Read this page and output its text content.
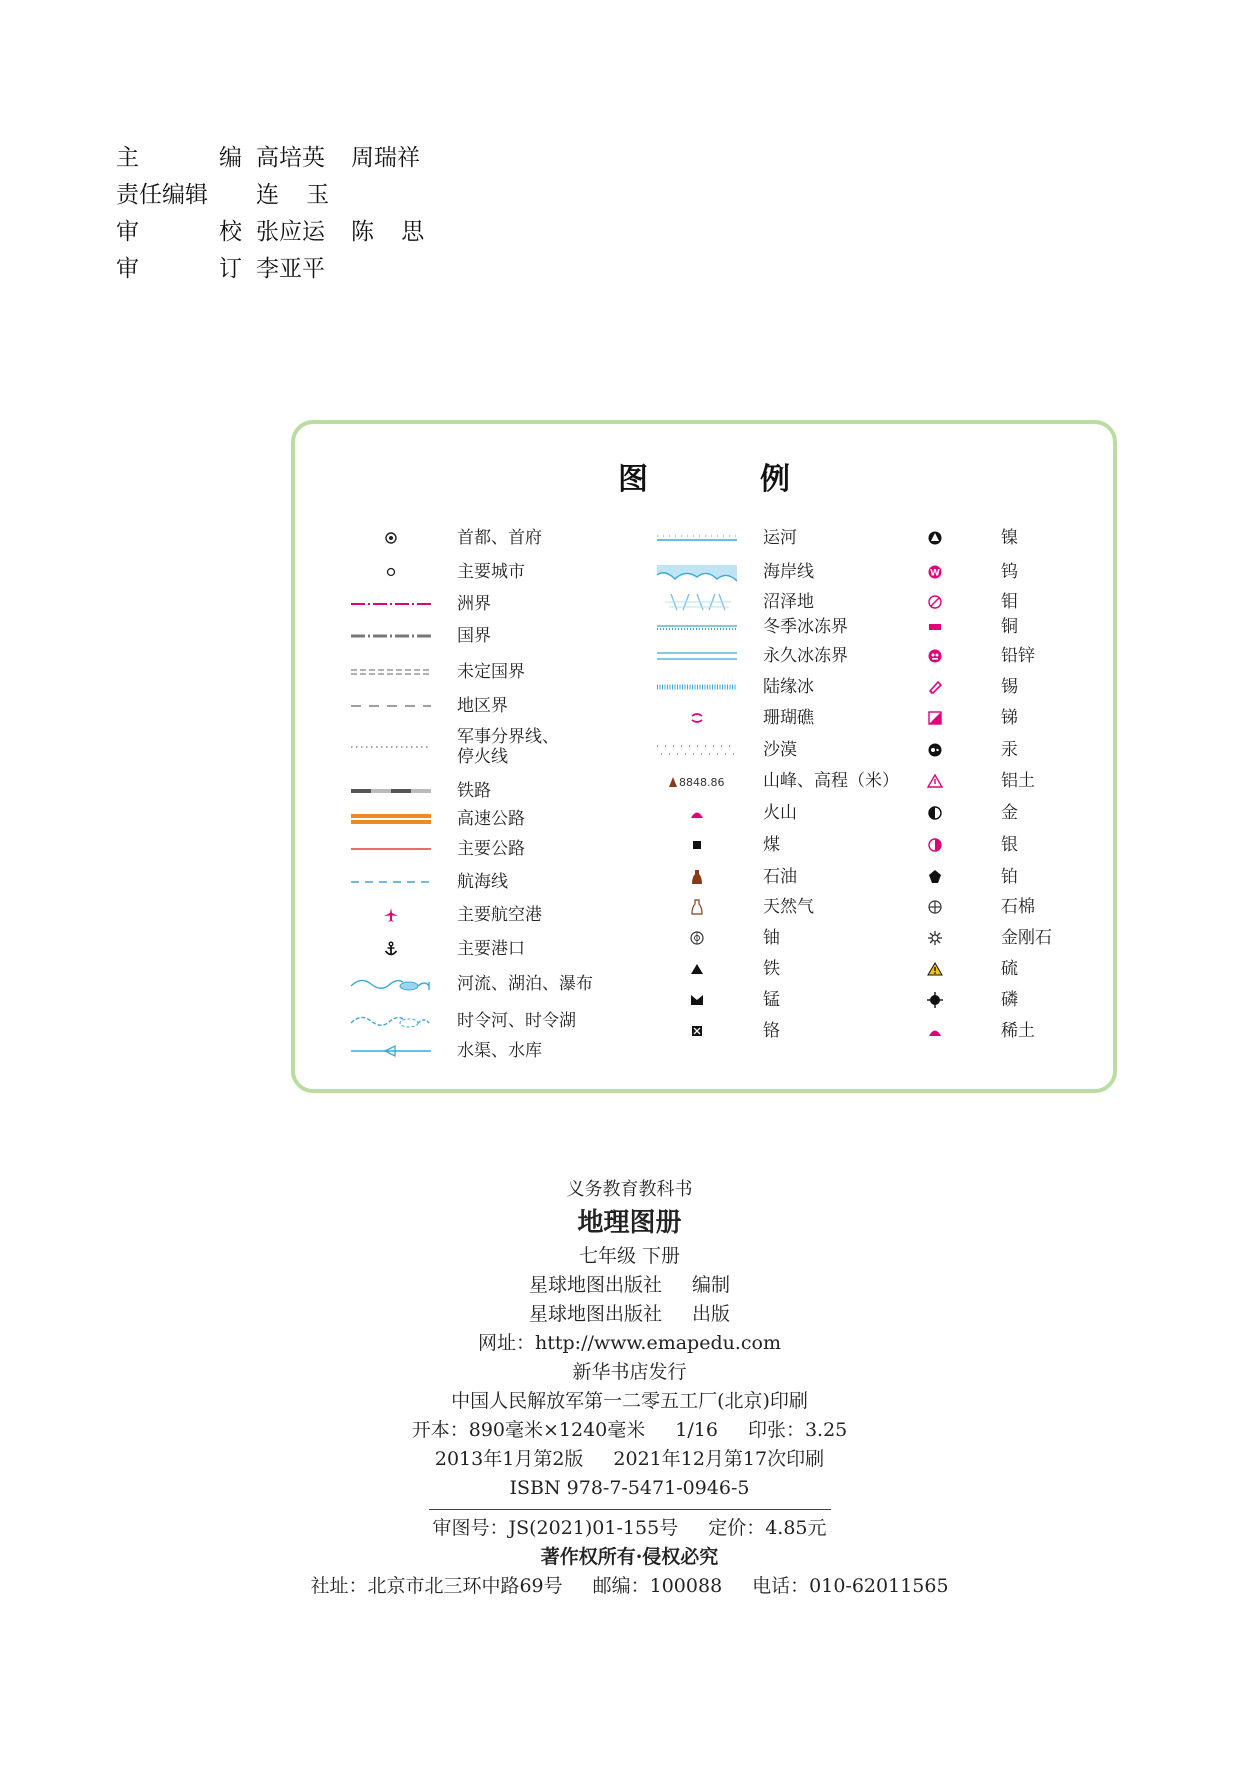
主	编 高培英 周瑞祥
责任编辑 连 玉
审	校 张应运 陈 思
审	订 李亚平
图	例
首都、首府
主要城市
洲界
国界
未定国界
地区界
军事分界线、
停火线
铁路
高速公路
主要公路
航海线
主要航空港
主要港口
河流、湖泊、瀑布
时令河、时令湖
水渠、水库
运河
海岸线
沼泽地
冬季冰冻界
永久冰冻界
陆缘冰
珊瑚礁
沙漠
8848.86 山峰、高程（米）
火山
煤
石油
天然气
铀
铁
锰
铬
镍
W	钨
钼
铜
铅锌
锡
锑
汞
铝土
金
银
铂
石棉
金刚石
硫
磷
稀土
义务教育教科书
地理图册
七年级 下册
星球地图出版社 编制
星球地图出版社 出版
网址：http://www.emapedu.com
新华书店发行
中国人民解放军第一二零五工厂(北京)印刷
开本：890毫米×1240毫米 1/16 印张：3.25
2013年1月第2版 2021年12月第17次印刷
ISBN 978-7-5471-0946-5
审图号：JS(2021)01-155号 定价：4.85元
著作权所有·侵权必究
社址：北京市北三环中路69号 邮编：100088 电话：010-62011565
